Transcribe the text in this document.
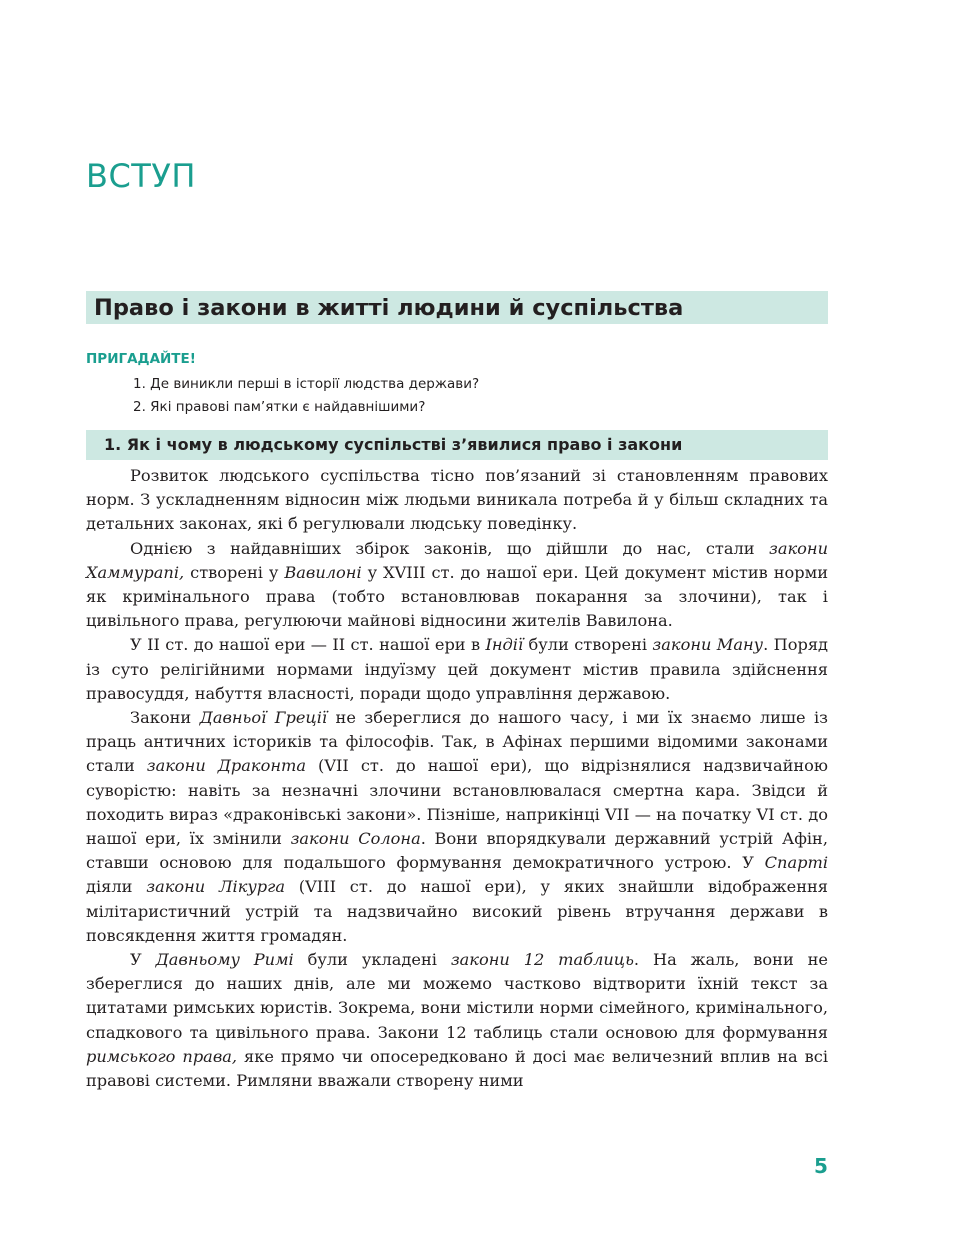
ВСТУП
Право і закони в житті людини й суспільства
ПРИГАДАЙТЕ!
1. Де виникли перші в історії людства держави?
2. Які правові пам’ятки є найдавнішими?
1. Як і чому в людському суспільстві з’явилися право і закони

Розвиток людського суспільства тісно пов’язаний зі становленням правових норм. З ускладненням відносин між людьми виникала потреба й у більш складних та детальних законах, які б регулювали людську поведінку.

Однією з найдавніших збірок законів, що дійшли до нас, стали закони Хаммурапі, створені у Вавилоні у XVIII ст. до нашої ери. Цей документ містив норми як кримінального права (тобто встановлював покарання за злочини), так і цивільного права, регулюючи майнові відносини жителів Вавилона.

У II ст. до нашої ери — II ст. нашої ери в Індії були створені закони Ману. Поряд із суто релігійними нормами індуїзму цей документ містив правила здійснення правосуддя, набуття власності, поради щодо управління державою.

Закони Давньої Греції не збереглися до нашого часу, і ми їх знаємо лише із праць античних істориків та філософів. Так, в Афінах першими відомими законами стали закони Драконта (VII ст. до нашої ери), що відрізнялися надзвичайною суворістю: навіть за незначні злочини встановлювалася смертна кара. Звідси й походить вираз «драконівські закони». Пізніше, наприкінці VII — на початку VI ст. до нашої ери, їх змінили закони Солона. Вони впорядкували державний устрій Афін, ставши основою для подальшого формування демократичного устрою. У Спарті діяли закони Лікурга (VIII ст. до нашої ери), у яких знайшли відображення мілітаристичний устрій та надзвичайно високий рівень втручання держави в повсякдення життя громадян.

У Давньому Римі були укладені закони 12 таблиць. На жаль, вони не збереглися до наших днів, але ми можемо частково відтворити їхній текст за цитатами римських юристів. Зокрема, вони містили норми сімейного, кримінального, спадкового та цивільного права. Закони 12 таблиць стали основою для формування римського права, яке прямо чи опосередковано й досі має величезний вплив на всі правові системи. Римляни вважали створену ними

5
